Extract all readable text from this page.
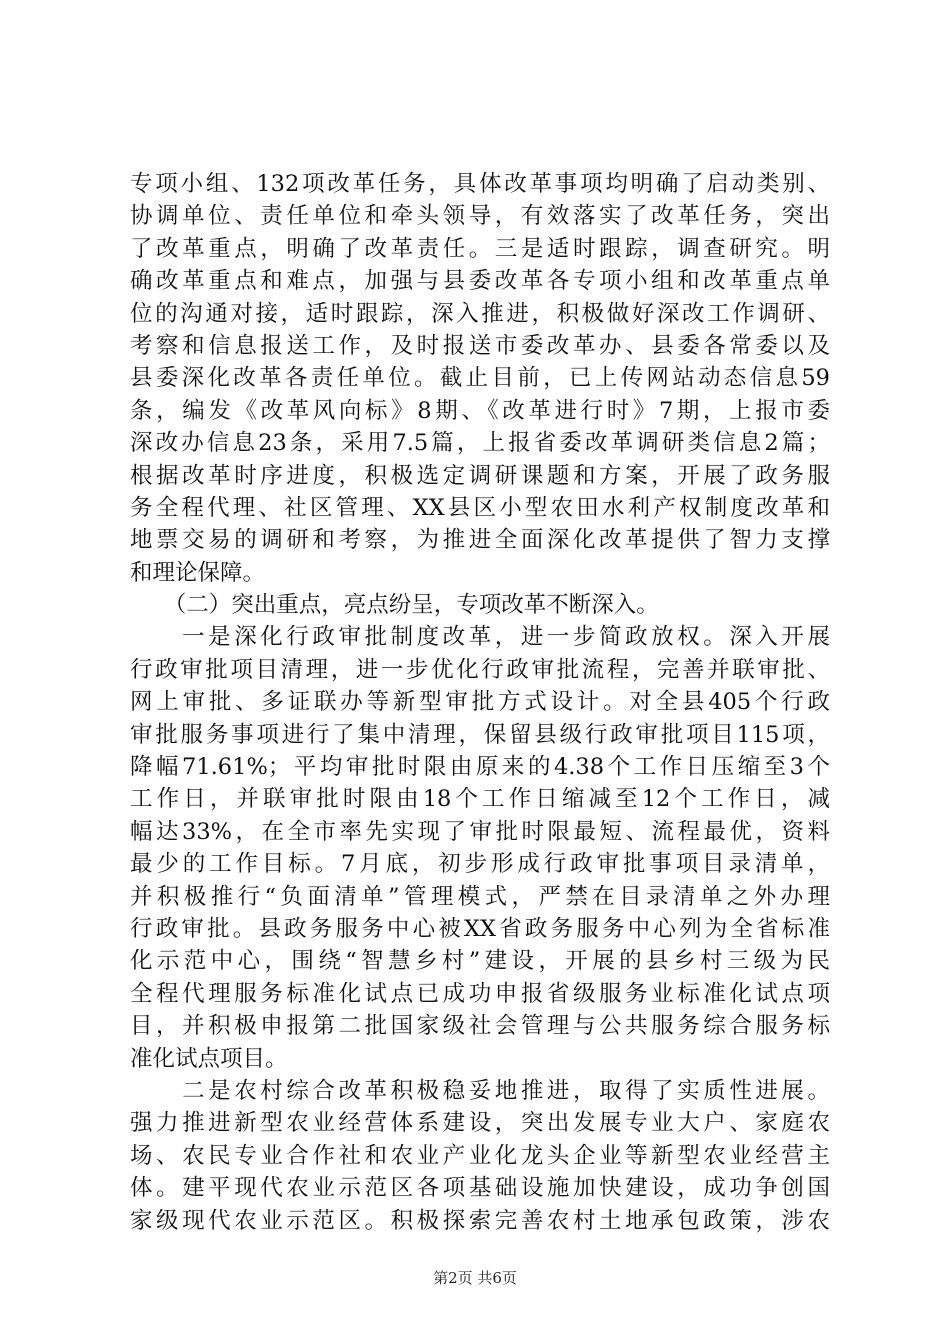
专项小组、132项改革任务，具体改革事项均明确了启动类别、
协调单位、责任单位和牵头领导，有效落实了改革任务，突出
了改革重点，明确了改革责任。三是适时跟踪，调查研究。明
确改革重点和难点，加强与县委改革各专项小组和改革重点单
位的沟通对接，适时跟踪，深入推进，积极做好深改工作调研、
考察和信息报送工作，及时报送市委改革办、县委各常委以及
县委深化改革各责任单位。截止目前，已上传网站动态信息59
条，编发《改革风向标》8期、《改革进行时》7期，上报市委
深改办信息23条，采用7.5篇，上报省委改革调研类信息2篇；
根据改革时序进度，积极选定调研课题和方案，开展了政务服
务全程代理、社区管理、XX县区小型农田水利产权制度改革和
地票交易的调研和考察，为推进全面深化改革提供了智力支撑
和理论保障。
　　（二）突出重点，亮点纷呈，专项改革不断深入。
　　一是深化行政审批制度改革，进一步简政放权。深入开展
行政审批项目清理，进一步优化行政审批流程，完善并联审批、
网上审批、多证联办等新型审批方式设计。对全县405个行政
审批服务事项进行了集中清理，保留县级行政审批项目115项，
降幅71.61%；平均审批时限由原来的4.38个工作日压缩至3个
工作日，并联审批时限由18个工作日缩减至12个工作日，减
幅达33%，在全市率先实现了审批时限最短、流程最优，资料
最少的工作目标。7月底，初步形成行政审批事项目录清单，
并积极推行“负面清单”管理模式，严禁在目录清单之外办理
行政审批。县政务服务中心被XX省政务服务中心列为全省标准
化示范中心，围绕“智慧乡村”建设，开展的县乡村三级为民
全程代理服务标准化试点已成功申报省级服务业标准化试点项
目，并积极申报第二批国家级社会管理与公共服务综合服务标
准化试点项目。
　　二是农村综合改革积极稳妥地推进，取得了实质性进展。
强力推进新型农业经营体系建设，突出发展专业大户、家庭农
场、农民专业合作社和农业产业化龙头企业等新型农业经营主
体。建平现代农业示范区各项基础设施加快建设，成功争创国
家级现代农业示范区。积极探索完善农村土地承包政策，涉农
第2页 共6页
